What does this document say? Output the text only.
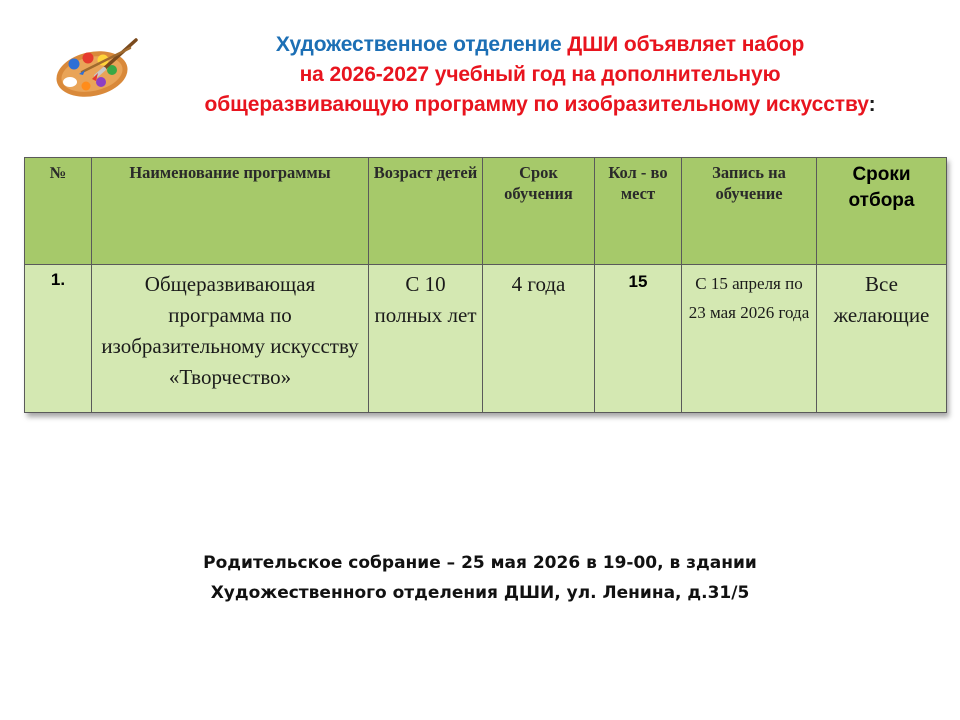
Художественное отделение ДШИ объявляет набор
на 2026-2027 учебный год на дополнительную
общеразвивающую программу по изобразительному искусству:
№	Наименование программы	Возраст детей	Срок обучения	Кол - во мест	Запись на обучение	Сроки отбора
1.	Общеразвивающая программа по изобразительному искусству «Творчество»	С 10 полных лет	4 года	15	С 15 апреля по 23 мая 2026 года	Все желающие
Родительское собрание – 25 мая 2026 в 19-00, в здании
Художественного отделения ДШИ, ул. Ленина, д.31/5
